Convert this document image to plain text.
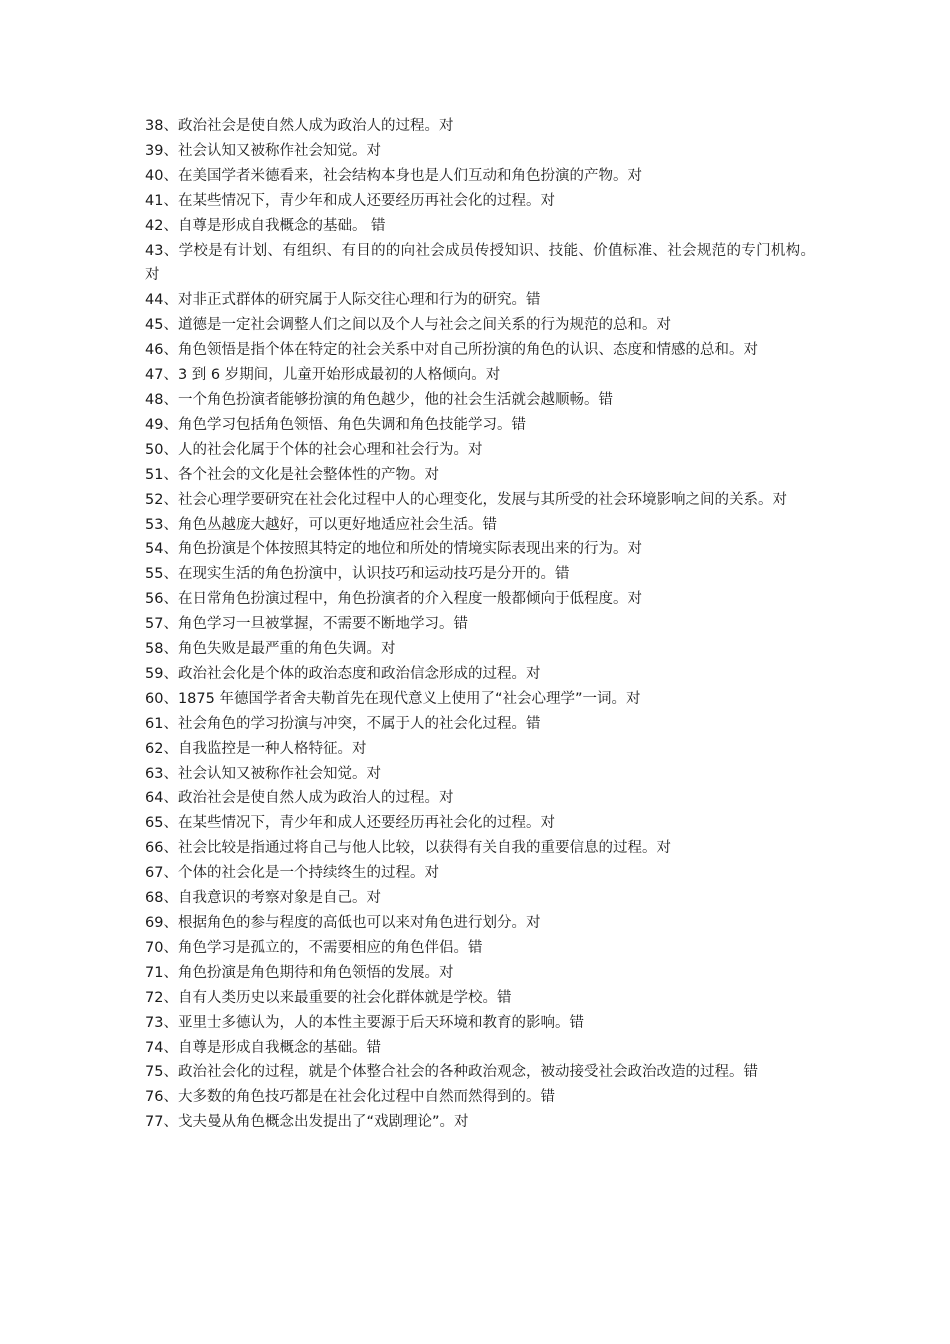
38、政治社会是使自然人成为政治人的过程。对

39、社会认知又被称作社会知觉。对

40、在美国学者米德看来，社会结构本身也是人们互动和角色扮演的产物。对

41、在某些情况下，青少年和成人还要经历再社会化的过程。对

42、自尊是形成自我概念的基础。 错

43、学校是有计划、有组织、有目的的向社会成员传授知识、技能、价值标准、社会规范的专门机构。对

44、对非正式群体的研究属于人际交往心理和行为的研究。错

45、道德是一定社会调整人们之间以及个人与社会之间关系的行为规范的总和。对

46、角色领悟是指个体在特定的社会关系中对自己所扮演的角色的认识、态度和情感的总和。对

47、3 到 6 岁期间，儿童开始形成最初的人格倾向。对

48、一个角色扮演者能够扮演的角色越少，他的社会生活就会越顺畅。错

49、角色学习包括角色领悟、角色失调和角色技能学习。错

50、人的社会化属于个体的社会心理和社会行为。对

51、各个社会的文化是社会整体性的产物。对

52、社会心理学要研究在社会化过程中人的心理变化，发展与其所受的社会环境影响之间的关系。对

53、角色丛越庞大越好，可以更好地适应社会生活。错

54、角色扮演是个体按照其特定的地位和所处的情境实际表现出来的行为。对

55、在现实生活的角色扮演中，认识技巧和运动技巧是分开的。错

56、在日常角色扮演过程中，角色扮演者的介入程度一般都倾向于低程度。对

57、角色学习一旦被掌握，不需要不断地学习。错

58、角色失败是最严重的角色失调。对

59、政治社会化是个体的政治态度和政治信念形成的过程。对

60、1875 年德国学者舍夫勒首先在现代意义上使用了“社会心理学”一词。对

61、社会角色的学习扮演与冲突，不属于人的社会化过程。错

62、自我监控是一种人格特征。对

63、社会认知又被称作社会知觉。对

64、政治社会是使自然人成为政治人的过程。对

65、在某些情况下，青少年和成人还要经历再社会化的过程。对

66、社会比较是指通过将自己与他人比较，以获得有关自我的重要信息的过程。对

67、个体的社会化是一个持续终生的过程。对

68、自我意识的考察对象是自己。对

69、根据角色的参与程度的高低也可以来对角色进行划分。对

70、角色学习是孤立的，不需要相应的角色伴侣。错

71、角色扮演是角色期待和角色领悟的发展。对

72、自有人类历史以来最重要的社会化群体就是学校。错

73、亚里士多德认为，人的本性主要源于后天环境和教育的影响。错

74、自尊是形成自我概念的基础。错

75、政治社会化的过程，就是个体整合社会的各种政治观念，被动接受社会政治改造的过程。错

76、大多数的角色技巧都是在社会化过程中自然而然得到的。错

77、戈夫曼从角色概念出发提出了“戏剧理论”。对
